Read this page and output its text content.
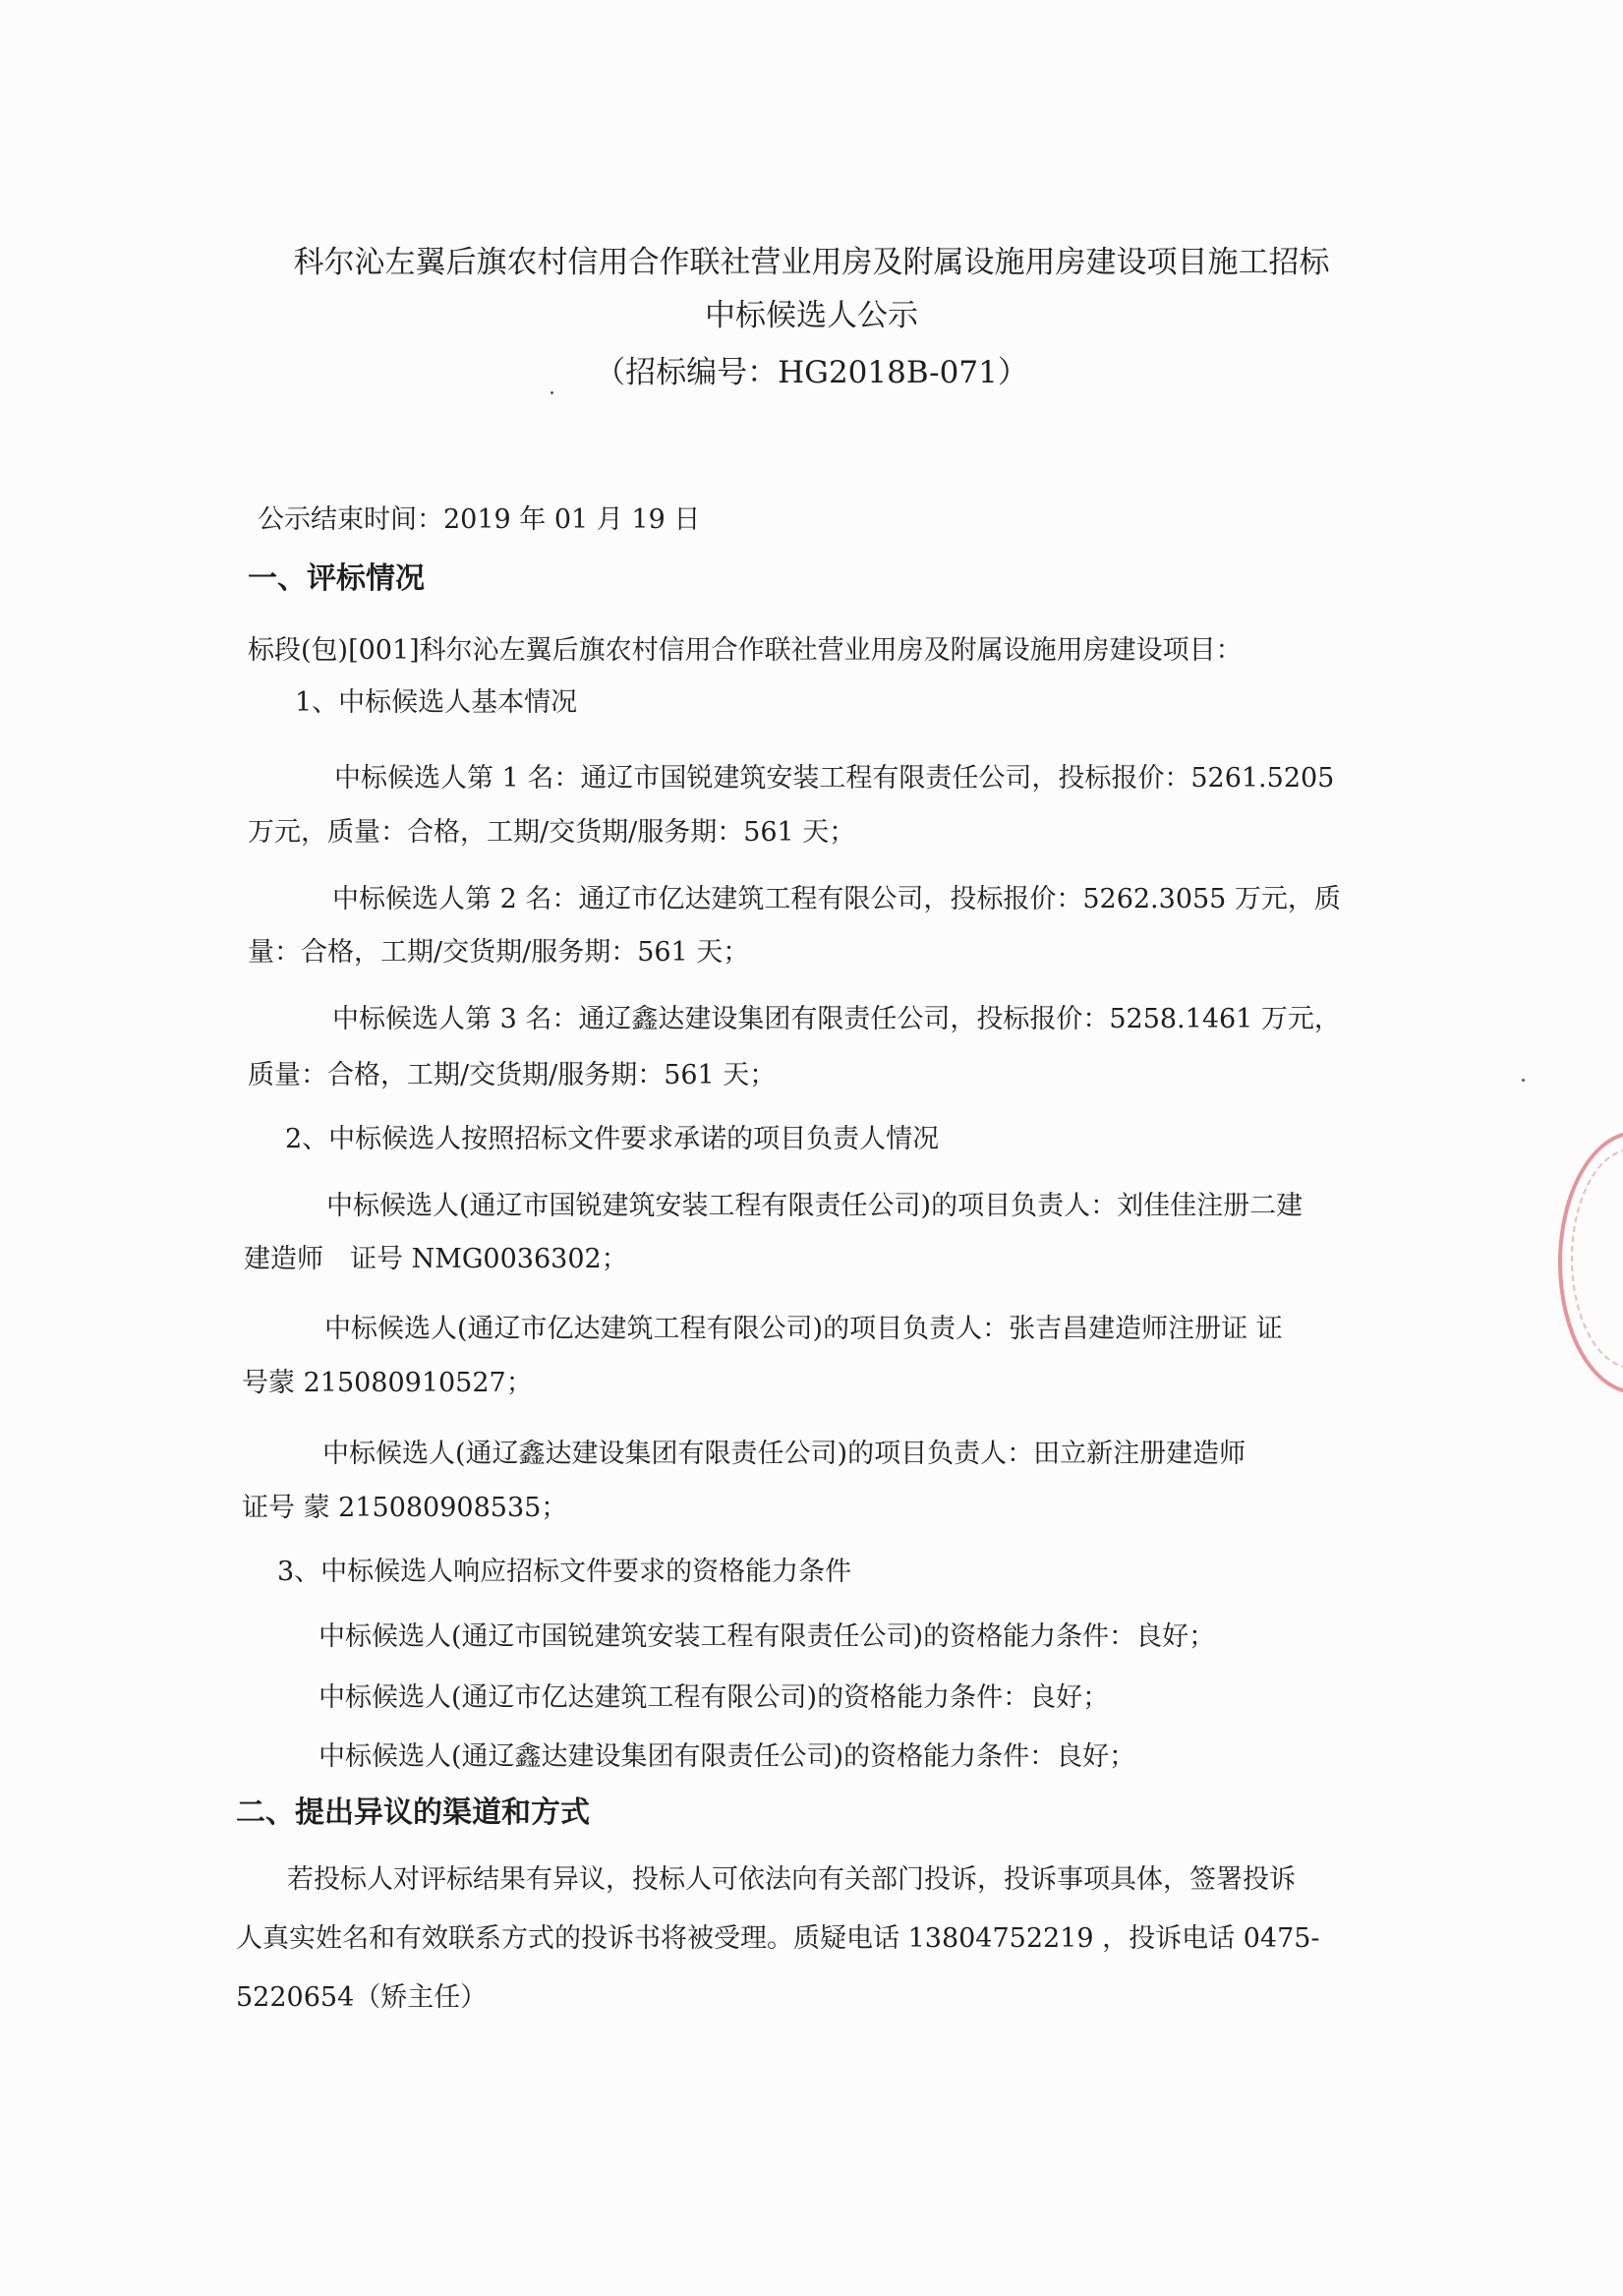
科尔沁左翼后旗农村信用合作联社营业用房及附属设施用房建设项目施工招标
中标候选人公示
（招标编号：HG2018B-071）
公示结束时间：2019 年 01 月 19 日
一、评标情况
标段(包)[001]科尔沁左翼后旗农村信用合作联社营业用房及附属设施用房建设项目：
1、中标候选人基本情况
中标候选人第 1 名：通辽市国锐建筑安装工程有限责任公司，投标报价：5261.5205
万元，质量：合格，工期/交货期/服务期：561 天；
中标候选人第 2 名：通辽市亿达建筑工程有限公司，投标报价：5262.3055 万元，质
量：合格，工期/交货期/服务期：561 天；
中标候选人第 3 名：通辽鑫达建设集团有限责任公司，投标报价：5258.1461 万元，
质量：合格，工期/交货期/服务期：561 天；
2、中标候选人按照招标文件要求承诺的项目负责人情况
中标候选人(通辽市国锐建筑安装工程有限责任公司)的项目负责人：刘佳佳注册二建
建造师　证号 NMG0036302；
中标候选人(通辽市亿达建筑工程有限公司)的项目负责人：张吉昌建造师注册证 证
号蒙 215080910527；
中标候选人(通辽鑫达建设集团有限责任公司)的项目负责人：田立新注册建造师
证号 蒙 215080908535；
3、中标候选人响应招标文件要求的资格能力条件
中标候选人(通辽市国锐建筑安装工程有限责任公司)的资格能力条件：良好；
中标候选人(通辽市亿达建筑工程有限公司)的资格能力条件：良好；
中标候选人(通辽鑫达建设集团有限责任公司)的资格能力条件：良好；
二、提出异议的渠道和方式
若投标人对评标结果有异议，投标人可依法向有关部门投诉，投诉事项具体，签署投诉
人真实姓名和有效联系方式的投诉书将被受理。质疑电话 13804752219 ，投诉电话 0475-
5220654（矫主任）
